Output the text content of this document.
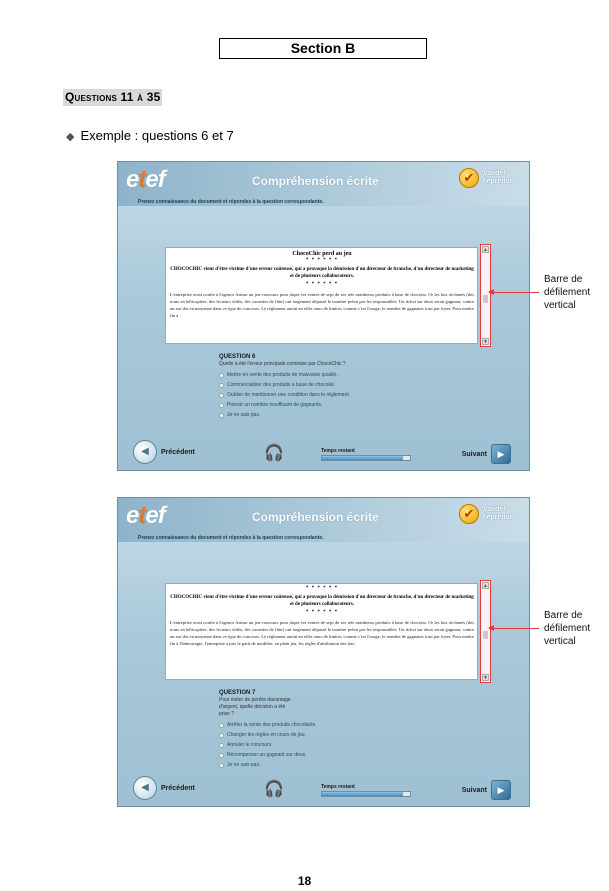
Section B
Questions 11 à 35
◆ Exemple : questions 6 et 7
etef	Compréhension écrite	✔	Valider l'épreuve
Prenez connaissance du document et répondez à la question correspondante.
ChocoChic perd au jeu
* * * * * *
CHOCOCHIC vient d'être victime d'une erreur coûteuse, qui a provoqué la démission d'un directeur de branche, d'un directeur de marketing et de plusieurs collaborateurs.
* * * * * *
L'entreprise avait confié à l'agence Armor un jeu-concours pour doper les ventes de sept de ses très nombreux produits à base de chocolat. Or les lots réclamés (des tours en hélicoptère, des lecteurs vidéo, des cassettes de film) ont largement dépassé le nombre prévu par les responsables. Un ticket sur deux serait gagnant, contre un sur dix en moyenne dans ce type de concours. Le règlement aurait en effet omis de limiter, comme c'est l'usage, le nombre de gagnants à un par foyer. Pour mettre fin à
▲
▼
QUESTION 6
Quelle a été l'erreur principale commise par ChocoChic ?
Mettre en vente des produits de mauvaise qualité.
Commercialiser des produits à base de chocolat.
Oublier de mentionner une condition dans le règlement.
Prévoir un nombre insuffisant de gagnants.
Je ne sais pas.
◀	Précédent	🎧	Temps restant	Suivant	▶
Barre de défilement vertical
etef	Compréhension écrite	✔	Valider l'épreuve
Prenez connaissance du document et répondez à la question correspondante.
* * * * * *
CHOCOCHIC vient d'être victime d'une erreur coûteuse, qui a provoqué la démission d'un directeur de branche, d'un directeur de marketing et de plusieurs collaborateurs.
* * * * * *
L'entreprise avait confié à l'agence Armor un jeu-concours pour doper les ventes de sept de ses très nombreux produits à base de chocolat. Or les lots réclamés (des tours en hélicoptère, des lecteurs vidéo, des cassettes de film) ont largement dépassé le nombre prévu par les responsables. Un ticket sur deux serait gagnant, contre un sur dix en moyenne dans ce type de concours. Le règlement aurait en effet omis de limiter, comme c'est l'usage, le nombre de gagnants à un par foyer. Pour mettre fin à l'hémorragie, l'entreprise a pris le parti de modifier, en plein jeu, les règles d'attribution des lots.
▲
▼
QUESTION 7
Pour éviter de perdre davantage d'argent, quelle décision a été prise ?
Arrêter la vente des produits chocolatés.
Changer les règles en cours de jeu.
Annuler le concours.
Récompenser un gagnant sur deux.
Je ne sais pas.
◀	Précédent	🎧	Temps restant	Suivant	▶
Barre de défilement vertical
18
